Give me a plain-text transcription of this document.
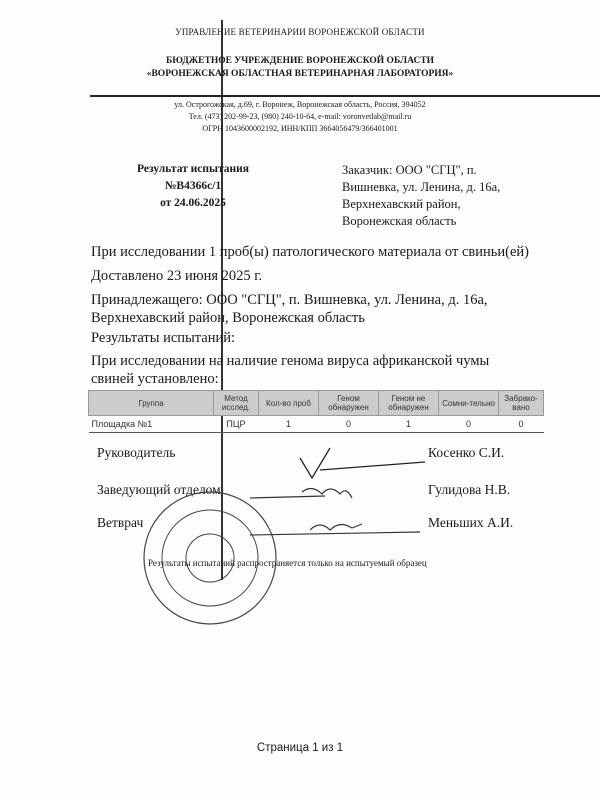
УПРАВЛЕНИЕ ВЕТЕРИНАРИИ ВОРОНЕЖСКОЙ ОБЛАСТИ
БЮДЖЕТНОЕ УЧРЕЖДЕНИЕ ВОРОНЕЖСКОЙ ОБЛАСТИ
«ВОРОНЕЖСКАЯ ОБЛАСТНАЯ ВЕТЕРИНАРНАЯ ЛАБОРАТОРИЯ»
ул. Острогожская, д.69, г. Воронеж, Воронежская область, Россия, 394052
Тел. (473) 202-99-23, (980) 240-10-64, e-mail: voronvetlab@mail.ru
ОГРН 1043600002192, ИНН/КПП 3664056479/366401001
Результат испытания
№В4366с/1
от 24.06.2025
Заказчик: ООО "СГЦ", п.
Вишневка, ул. Ленина, д. 16а,
Верхнехавский район,
Воронежская область
При исследовании 1 проб(ы) патологического материала от свиньи(ей)
Доставлено 23 июня 2025 г.
Принадлежащего: ООО "СГЦ", п. Вишневка, ул. Ленина, д. 16а,
Верхнехавский район, Воронежская область
Результаты испытаний:
При исследовании на наличие генома вируса африканской чумы
свиней установлено:
Группа	Метод исслед.	Кол-во проб	Геном обнаружен	Геном не обнаружен	Сомни-тельно	Забрако-вано
Площадка №1	ПЦР	1	0	1	0	0
Руководитель	Косенко С.И.
Заведующий отделом	Гулидова Н.В.
Ветврач	Меньших А.И.
Результаты испытаний распространяется только на испытуемый образец
Страница 1 из 1
